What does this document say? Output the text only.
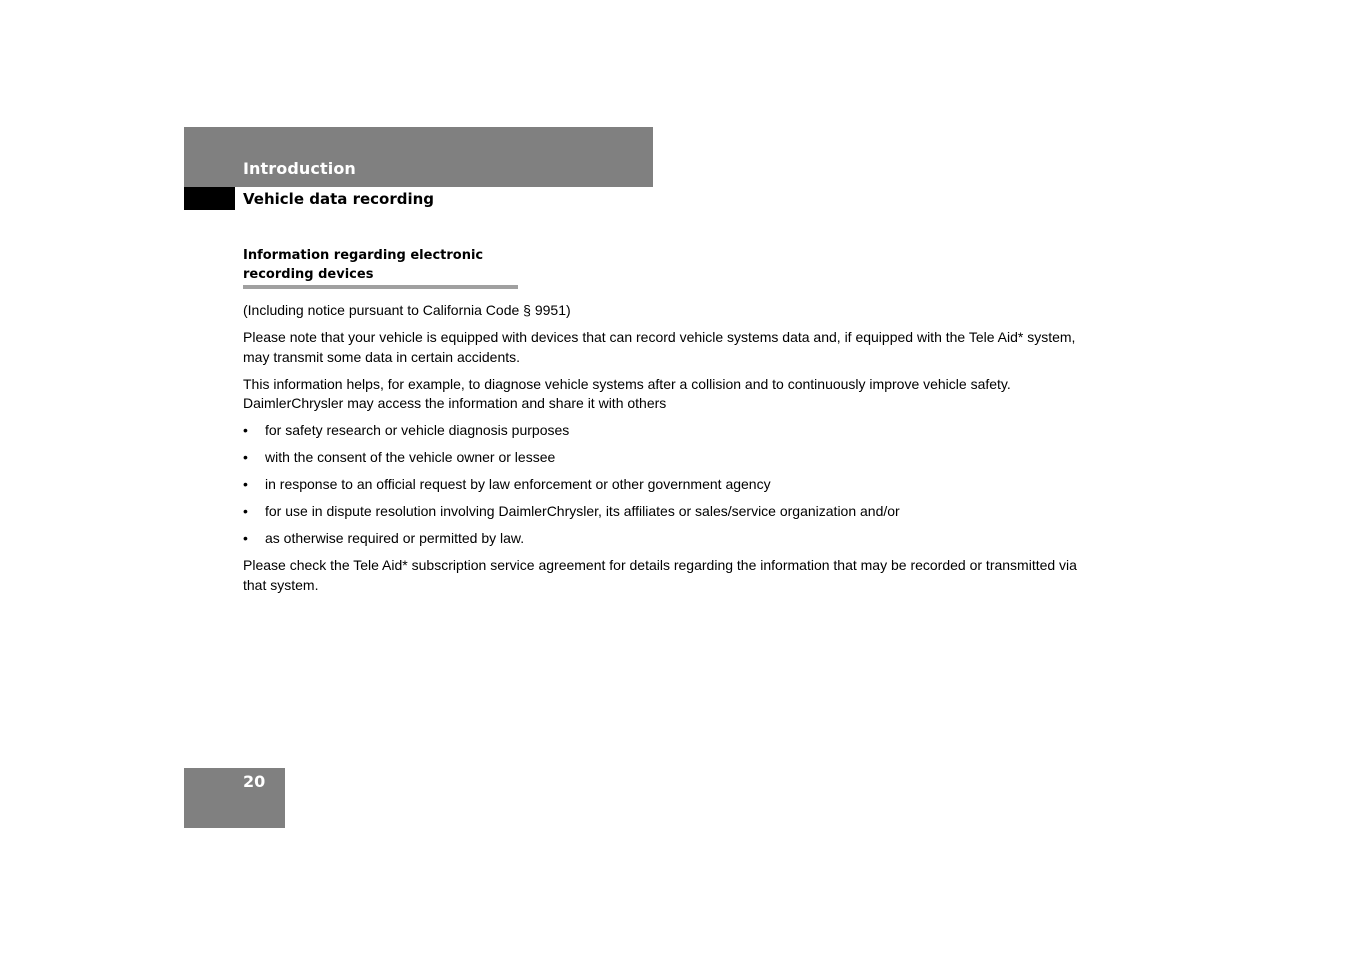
Introduction
Vehicle data recording
Information regarding electronic
recording devices

(Including notice pursuant to California Code § 9951)

Please note that your vehicle is equipped with devices that can record vehicle systems data and, if equipped with the Tele Aid* system, may transmit some data in certain accidents.

This information helps, for example, to diagnose vehicle systems after a collision and to continuously improve vehicle safety. DaimlerChrysler may access the information and share it with others

• for safety research or vehicle diagnosis purposes
• with the consent of the vehicle owner or lessee
• in response to an official request by law enforcement or other government agency
• for use in dispute resolution involving DaimlerChrysler, its affiliates or sales/service organization and/or
• as otherwise required or permitted by law.

Please check the Tele Aid* subscription service agreement for details regarding the information that may be recorded or transmitted via that system.

20
